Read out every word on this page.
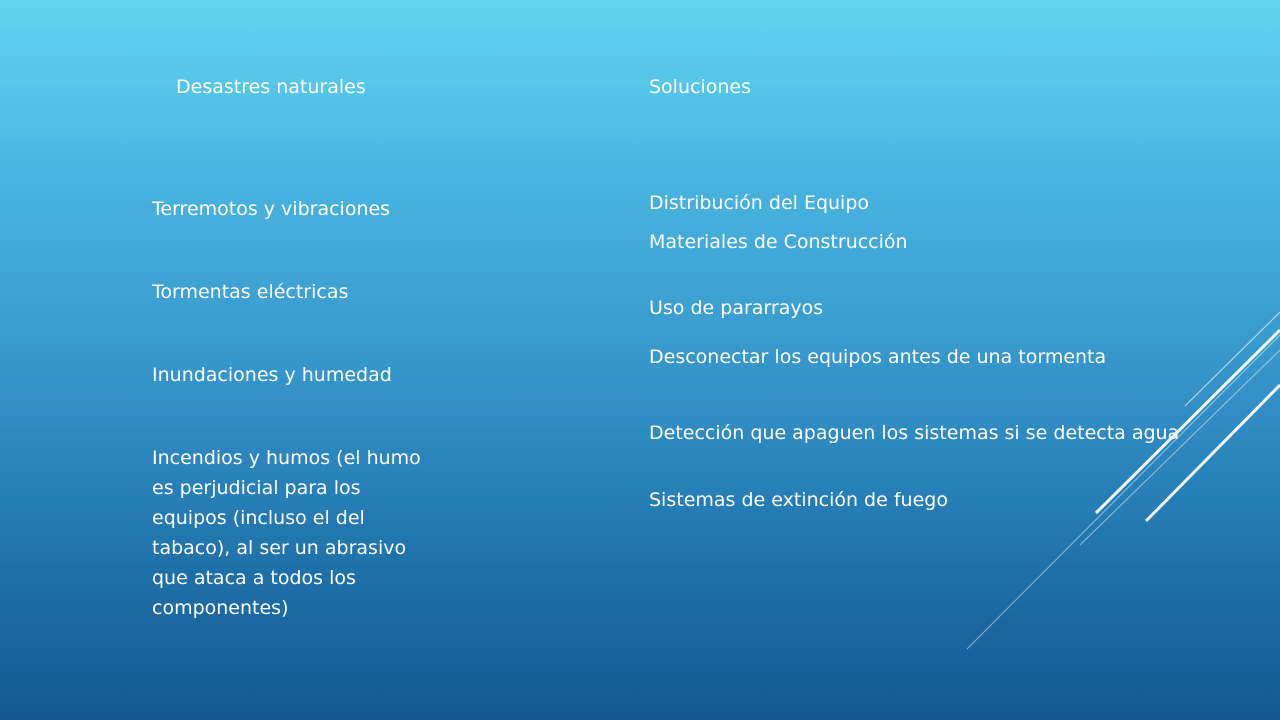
Desastres naturales	Soluciones
Terremotos y vibraciones
Tormentas eléctricas
Inundaciones y humedad
Incendios y humos (el humo es perjudicial para los equipos (incluso el del tabaco), al ser un abrasivo que ataca a todos los componentes)
Distribución del Equipo
Materiales de Construcción
Uso de pararrayos
Desconectar los equipos antes de una tormenta
Detección que apaguen los sistemas si se detecta agua
Sistemas de extinción de fuego
